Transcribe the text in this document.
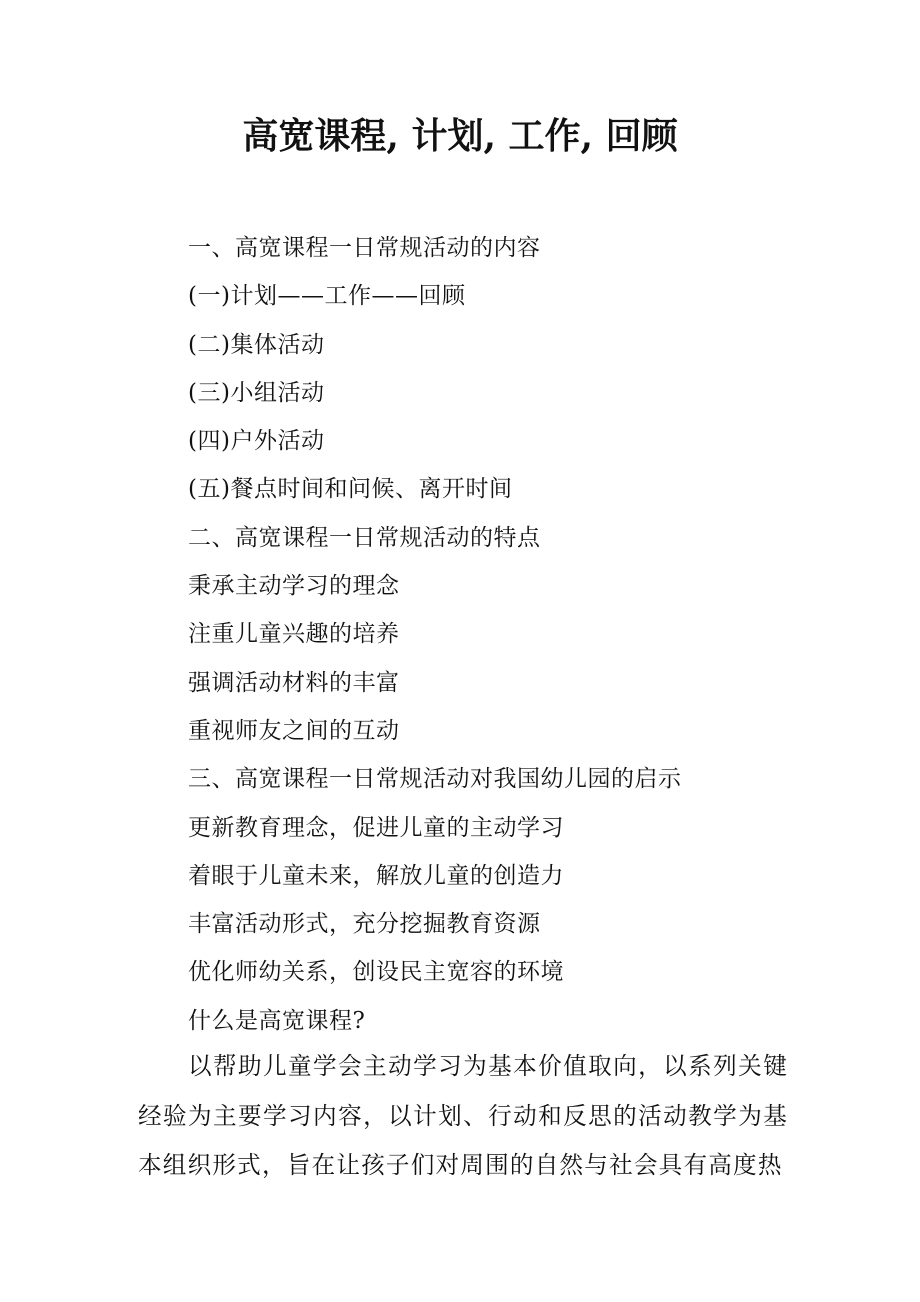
高宽课程, 计划, 工作, 回顾
一、高宽课程一日常规活动的内容
(一)计划——工作——回顾
(二)集体活动
(三)小组活动
(四)户外活动
(五)餐点时间和问候、离开时间
二、高宽课程一日常规活动的特点
秉承主动学习的理念
注重儿童兴趣的培养
强调活动材料的丰富
重视师友之间的互动
三、高宽课程一日常规活动对我国幼儿园的启示
更新教育理念，促进儿童的主动学习
着眼于儿童未来，解放儿童的创造力
丰富活动形式，充分挖掘教育资源
优化师幼关系，创设民主宽容的环境
什么是高宽课程?

以帮助儿童学会主动学习为基本价值取向，以系列关键经验为主要学习内容，以计划、行动和反思的活动教学为基本组织形式，旨在让孩子们对周围的自然与社会具有高度热
